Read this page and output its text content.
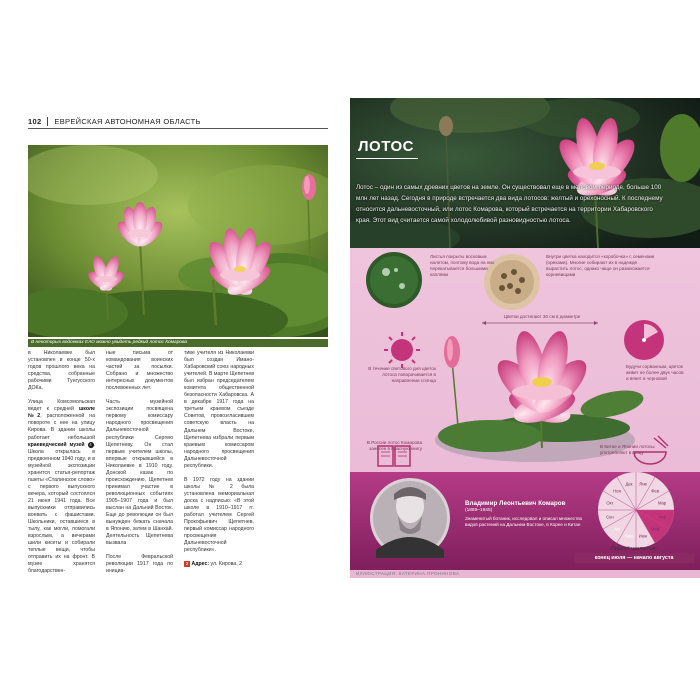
102 ЕВРЕЙСКАЯ АВТОНОМНАЯ ОБЛАСТЬ
В некоторых водоемах ЕАО можно увидеть редкий лотос Комарова

в Николаевке был установлен в конце 50-х годов прошлого века на средства, собранные рабочими Тунгусского ДОКа.

Улица Комсомольская ведет к средней школе №2, расположенной на повороте с нее на улицу Кирова. В здании школы работает небольшой краеведческий музей 4 . Школа открылась в предвоенном 1940 году, и в музейной экспозиции хранится статья-репортаж газеты «Сталинское слово» с первого выпускного вечера, который состоялся 21 июня 1941 года. Все выпускники отправились воевать с фашистами. Школьники, оставшиеся в тылу, как могли, помогали взрослым, а вечерами шили кисеты и собирали теплые вещи, чтобы отправить их на фронт. В музее хранятся благодарствен-

ные письма от командования воинских частей за посылки. Собрано и множество интересных документов послевоенных лет.

Часть музейной экспозиции посвящена первому комиссару народного просвещения Дальневосточной республики Сергею Щепетневу. Он стал первым учителем школы, впервые открывшейся в Николаевке в 1910 году. Донской казак по происхождению, Щепетнев принимал участие в революционных событиях 1905–1907 года и был выслан на Дальний Восток. Еще до революции он был вынужден бежать сначала в Японию, затем в Шанхай. Деятельность Щепетнева вызвала

После Февральской революции 1917 года по инициа-

тиве учителя из Николаевки был создан Имано-Хабаровский союз народных учителей. В марте Щепетнев был избран председателем комитета общественной безопасности Хабаровска. А в декабре 1917 года на третьем краевом съезде Советов, провозгласившем советскую власть на Дальнем Востоке, Щепетнева избрали первым краевым комиссаром народного просвещения Дальневосточной республики.

В 1972 году на здании школы № 2 была установлена мемориальная доска с надписью: «В этой школе в 1910–1917 гг. работал учителем Сергей Прокофьевич Щепетнев, первый комиссар народного просвещения Дальневосточной республики».

2 Адрес: ул. Кирова, 2

ЛОТОС
Лотос – один из самых древних цветов на земле. Он существовал еще в меловом периоде, больше 100 млн лет назад. Сегодня в природе встречается два вида лотосов: желтый и орехоносный. К последнему относится дальневосточный, или лотос Комарова, который встречается на территории Хабаровского края. Этот вид считается самой холодолюбивой разновидностью лотоса.
Янв
Фев
Мар
Апр
Май
Июн
Июл
Авг
Сен
Окт
Ноя
Дек
Листья покрыты восковым налетом, поэтому вода на них перекатывается большими каплями
Внутри цветка находится «коробочка» с семенами (орехами). Многие собирают их в надежде вырастить лотос, однако чаще он размножается корневищами
Цветки достигают 30 см в диаметре
В течение светового дня цветок лотоса поворачивается в направлении солнца
Будучи сорванным, цветок живет не более двух часов и вянет в черновой
В России лотос Комарова занесен в Красную книгу	В Китае и Японии лотосы употребляют в пищу
Владимир Леонтьевич Комаров
(1869–1945)
Знаменитый ботаник, исследовал и описал множество видов растений на Дальнем Востоке, в Корее и Китае
Период цветения:
конец июля — начало августа
ИЛЛЮСТРАЦИЯ: КАТЕРИНА ПРОНИНОВА
